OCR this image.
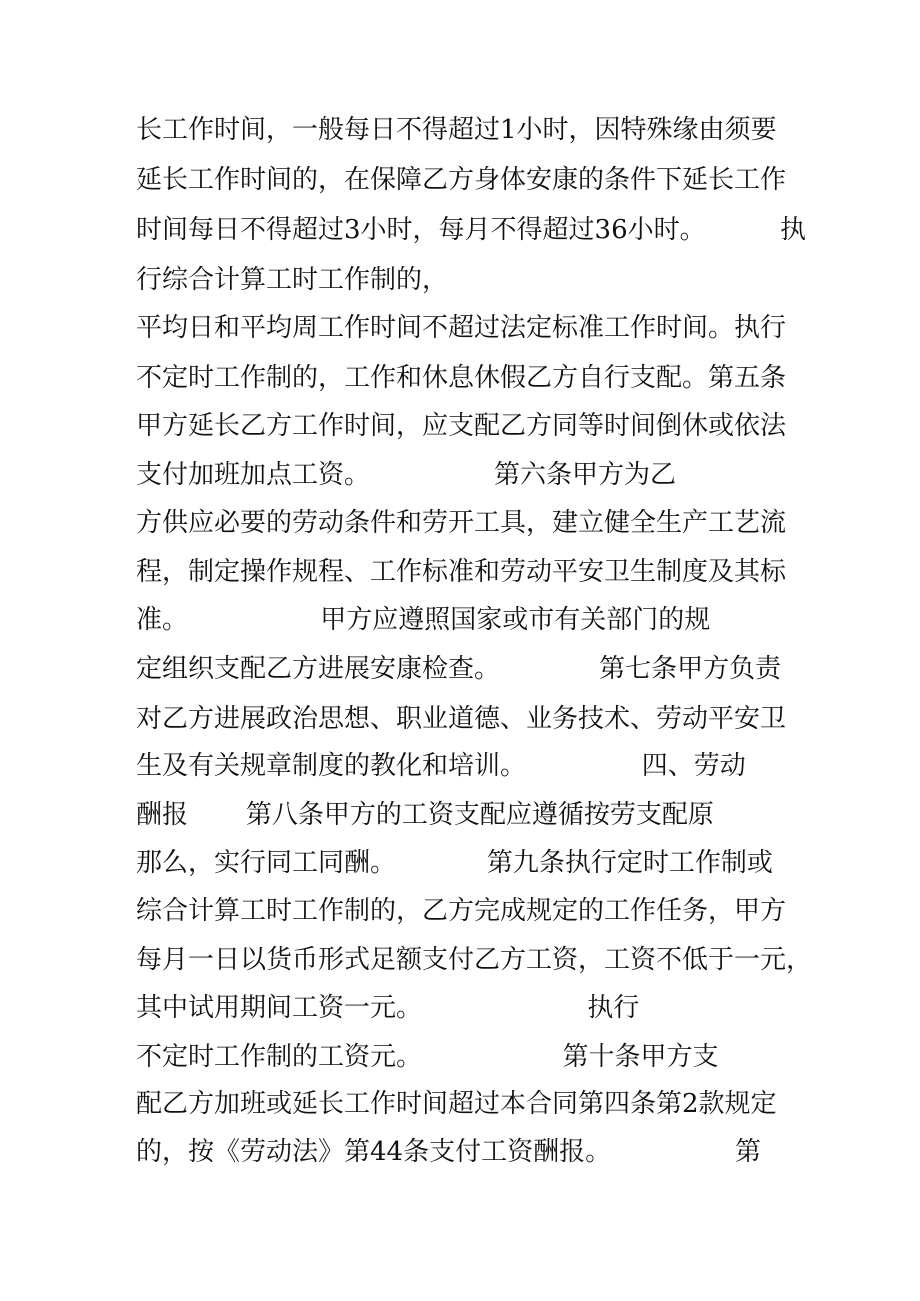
长工作时间，一般每日不得超过1小时，因特殊缘由须要
延长工作时间的，在保障乙方身体安康的条件下延长工作
时间每日不得超过3小时，每月不得超过36小时。         执
行综合计算工时工作制的，
平均日和平均周工作时间不超过法定标准工作时间。执行
不定时工作制的，工作和休息休假乙方自行支配。第五条
甲方延长乙方工作时间，应支配乙方同等时间倒休或依法
支付加班加点工资。               第六条甲方为乙
方供应必要的劳动条件和劳开工具，建立健全生产工艺流
程，制定操作规程、工作标准和劳动平安卫生制度及其标
准。                甲方应遵照国家或市有关部门的规
定组织支配乙方进展安康检查。            第七条甲方负责
对乙方进展政治思想、职业道德、业务技术、劳动平安卫
生及有关规章制度的教化和培训。              四、劳动
酬报       第八条甲方的工资支配应遵循按劳支配原
那么，实行同工同酬。           第九条执行定时工作制或
综合计算工时工作制的，乙方完成规定的工作任务，甲方
每月一日以货币形式足额支付乙方工资，工资不低于一元，
其中试用期间工资一元。                    执行
不定时工作制的工资元。                 第十条甲方支
配乙方加班或延长工作时间超过本合同第四条第2款规定
的，按《劳动法》第44条支付工资酬报。               第
